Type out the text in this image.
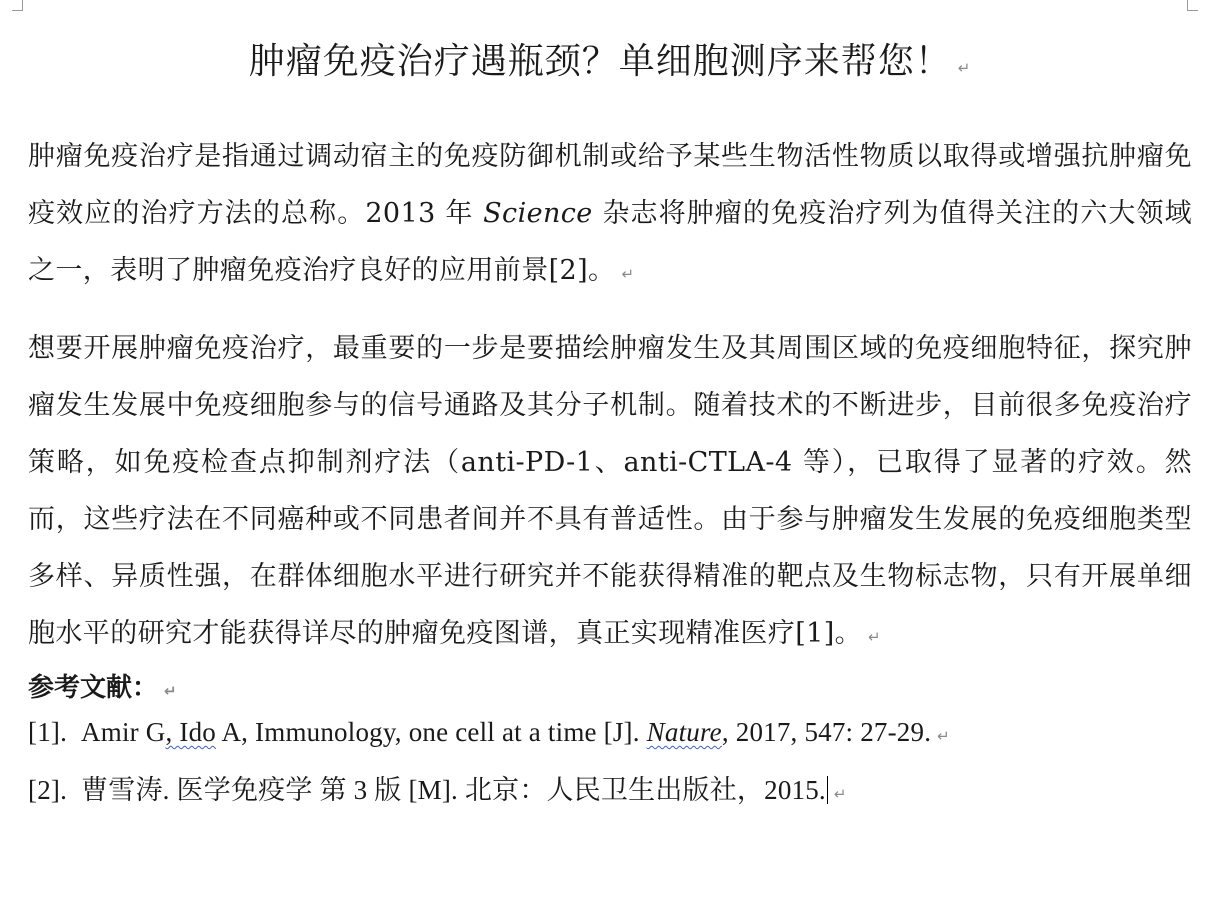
肿瘤免疫治疗遇瓶颈？单细胞测序来帮您！ ↵

肿瘤免疫治疗是指通过调动宿主的免疫防御机制或给予某些生物活性物质以取得或增强抗肿瘤免疫效应的治疗方法的总称。2013 年 Science 杂志将肿瘤的免疫治疗列为值得关注的六大领域之一，表明了肿瘤免疫治疗良好的应用前景[2]。 ↵

想要开展肿瘤免疫治疗，最重要的一步是要描绘肿瘤发生及其周围区域的免疫细胞特征，探究肿瘤发生发展中免疫细胞参与的信号通路及其分子机制。随着技术的不断进步，目前很多免疫治疗策略，如免疫检查点抑制剂疗法（anti-PD-1、anti-CTLA-4 等），已取得了显著的疗效。然而，这些疗法在不同癌种或不同患者间并不具有普适性。由于参与肿瘤发生发展的免疫细胞类型多样、异质性强，在群体细胞水平进行研究并不能获得精准的靶点及生物标志物，只有开展单细胞水平的研究才能获得详尽的肿瘤免疫图谱，真正实现精准医疗[1]。 ↵

参考文献： ↵

[1]. Amir G, Ido A, Immunology, one cell at a time [J]. Nature, 2017, 547: 27-29. ↵

[2]. 曹雪涛. 医学免疫学 第 3 版 [M]. 北京：人民卫生出版社，2015. ↵
